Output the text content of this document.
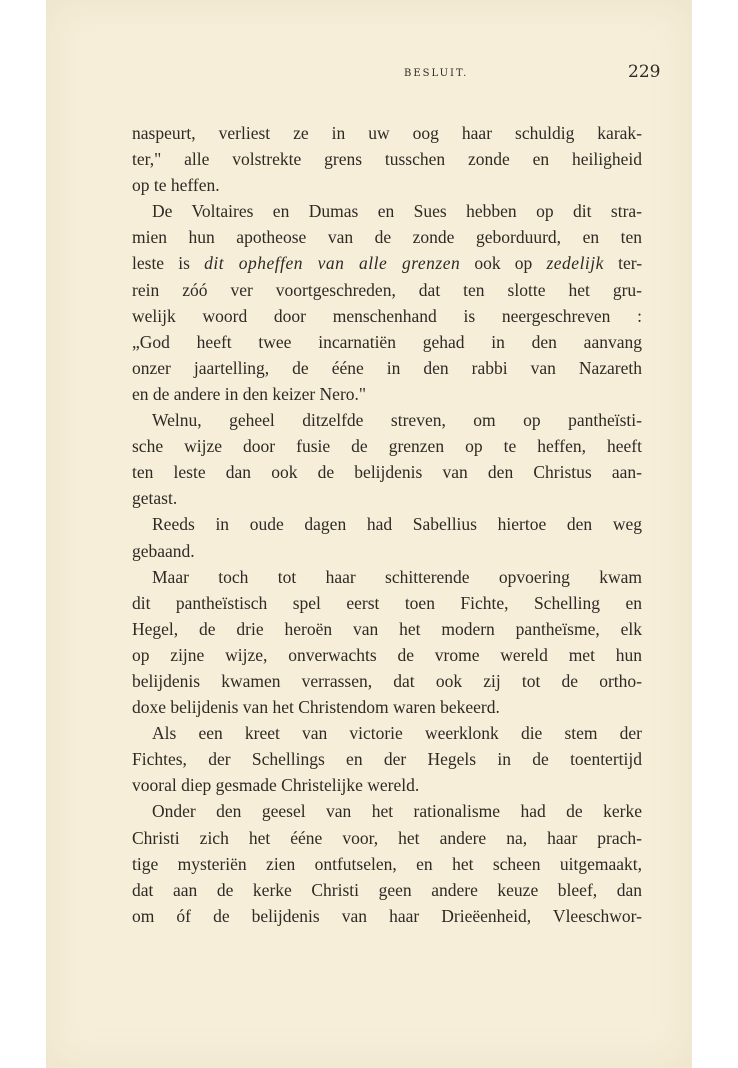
BESLUIT.	229
naspeurt, verliest ze in uw oog haar schuldig karak-
ter," alle volstrekte grens tusschen zonde en heiligheid
op te heffen.
De Voltaires en Dumas en Sues hebben op dit stra-
mien hun apotheose van de zonde geborduurd, en ten
leste is dit opheffen van alle grenzen ook op zedelijk ter-
rein zóó ver voortgeschreden, dat ten slotte het gru-
welijk woord door menschenhand is neergeschreven :
„God heeft twee incarnatiën gehad in den aanvang
onzer jaartelling, de ééne in den rabbi van Nazareth
en de andere in den keizer Nero."
Welnu, geheel ditzelfde streven, om op pantheïsti-
sche wijze door fusie de grenzen op te heffen, heeft
ten leste dan ook de belijdenis van den Christus aan-
getast.
Reeds in oude dagen had Sabellius hiertoe den weg
gebaand.
Maar toch tot haar schitterende opvoering kwam
dit pantheïstisch spel eerst toen Fichte, Schelling en
Hegel, de drie heroën van het modern pantheïsme, elk
op zijne wijze, onverwachts de vrome wereld met hun
belijdenis kwamen verrassen, dat ook zij tot de ortho-
doxe belijdenis van het Christendom waren bekeerd.
Als een kreet van victorie weerklonk die stem der
Fichtes, der Schellings en der Hegels in de toentertijd
vooral diep gesmade Christelijke wereld.
Onder den geesel van het rationalisme had de kerke
Christi zich het ééne voor, het andere na, haar prach-
tige mysteriën zien ontfutselen, en het scheen uitgemaakt,
dat aan de kerke Christi geen andere keuze bleef, dan
om óf de belijdenis van haar Drieëenheid, Vleeschwor-
